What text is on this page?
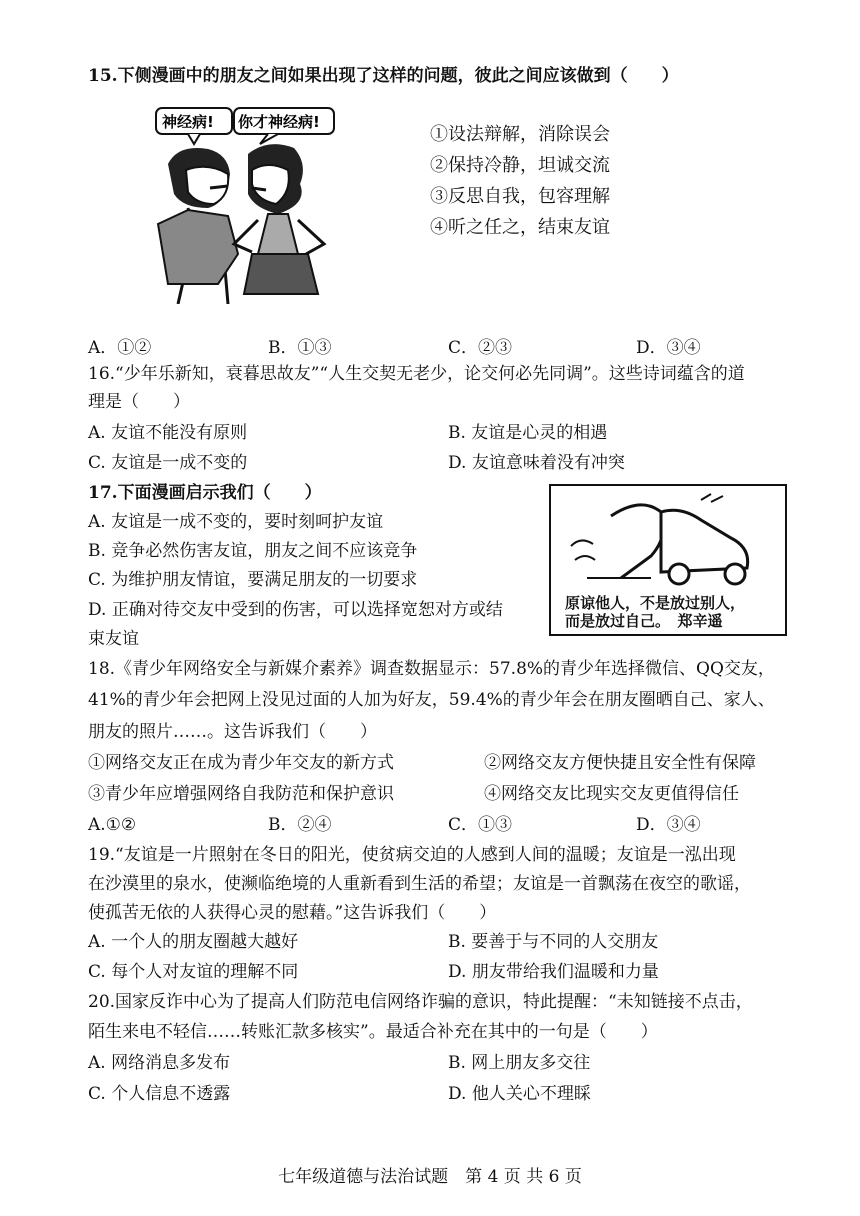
15.下侧漫画中的朋友之间如果出现了这样的问题，彼此之间应该做到（　　）
神经病! 你才神经病!
①设法辩解，消除误会
②保持冷静，坦诚交流
③反思自我，包容理解
④听之任之，结束友谊
A．①②	B．①③	C．②③	D．③④
16.“少年乐新知，衰暮思故友”“人生交契无老少，论交何必先同调”。这些诗词蕴含的道
理是（　　）
A. 友谊不能没有原则	B. 友谊是心灵的相遇
C. 友谊是一成不变的	D. 友谊意味着没有冲突
17.下面漫画启示我们（　　）
A. 友谊是一成不变的，要时刻呵护友谊
B. 竞争必然伤害友谊，朋友之间不应该竞争
C. 为维护朋友情谊，要满足朋友的一切要求
D. 正确对待交友中受到的伤害，可以选择宽恕对方或结
束友谊
原谅他人，不是放过别人，
而是放过自己。　郑辛遥
18.《青少年网络安全与新媒介素养》调查数据显示：57.8%的青少年选择微信、QQ交友，
41%的青少年会把网上没见过面的人加为好友，59.4%的青少年会在朋友圈晒自己、家人、
朋友的照片……。这告诉我们（　　）
①网络交友正在成为青少年交友的新方式	②网络交友方便快捷且安全性有保障
③青少年应增强网络自我防范和保护意识	④网络交友比现实交友更值得信任
A.①②	B．②④	C．①③	D．③④
19.“友谊是一片照射在冬日的阳光，使贫病交迫的人感到人间的温暖；友谊是一泓出现
在沙漠里的泉水，使濒临绝境的人重新看到生活的希望；友谊是一首飘荡在夜空的歌谣，
使孤苦无依的人获得心灵的慰藉。”这告诉我们（　　）
A. 一个人的朋友圈越大越好	B. 要善于与不同的人交朋友
C. 每个人对友谊的理解不同	D. 朋友带给我们温暖和力量
20.国家反诈中心为了提高人们防范电信网络诈骗的意识，特此提醒：“未知链接不点击，
陌生来电不轻信……转账汇款多核实”。最适合补充在其中的一句是（　　）
A. 网络消息多发布	B. 网上朋友多交往
C. 个人信息不透露	D. 他人关心不理睬
七年级道德与法治试题　第 4 页 共 6 页
